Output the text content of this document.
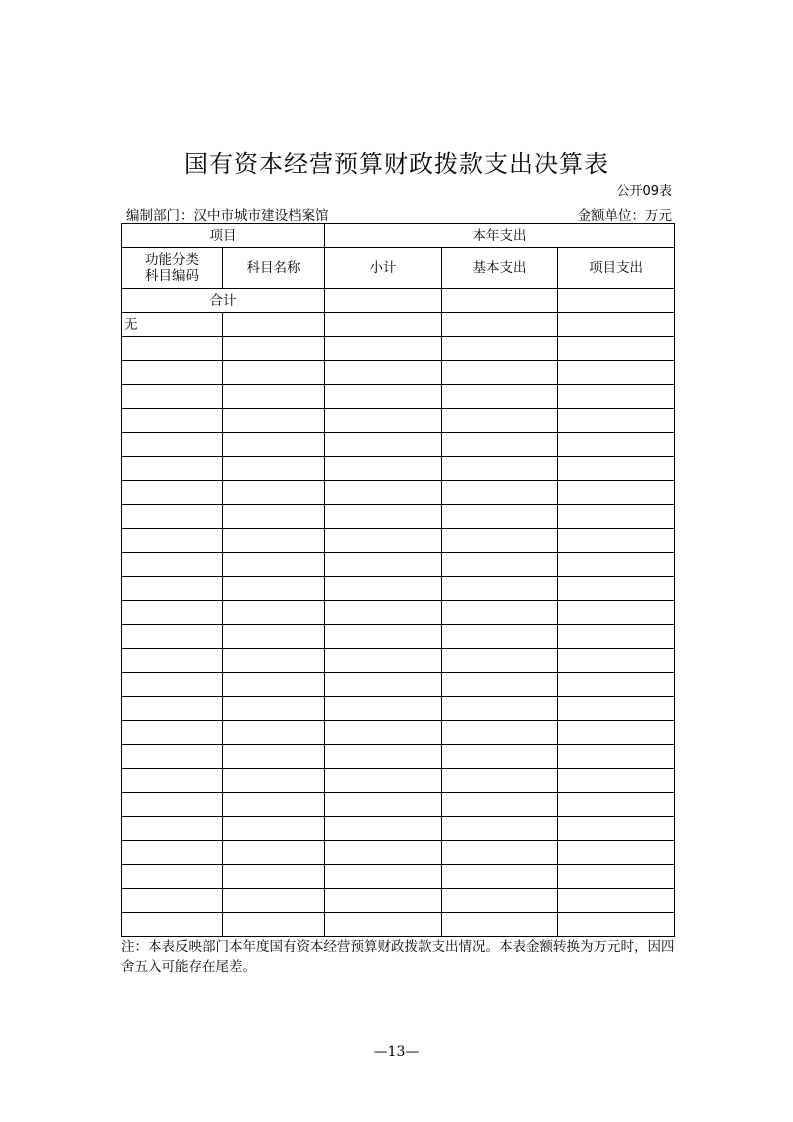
国有资本经营预算财政拨款支出决算表
公开09表
编制部门：汉中市城市建设档案馆	金额单位：万元
项目		本年支出		
功能分类
科目编码	科目名称	小计	基本支出	项目支出
合计				
无				

注：本表反映部门本年度国有资本经营预算财政拨款支出情况。本表金额转换为万元时，因四舍五入可能存在尾差。
—13—
